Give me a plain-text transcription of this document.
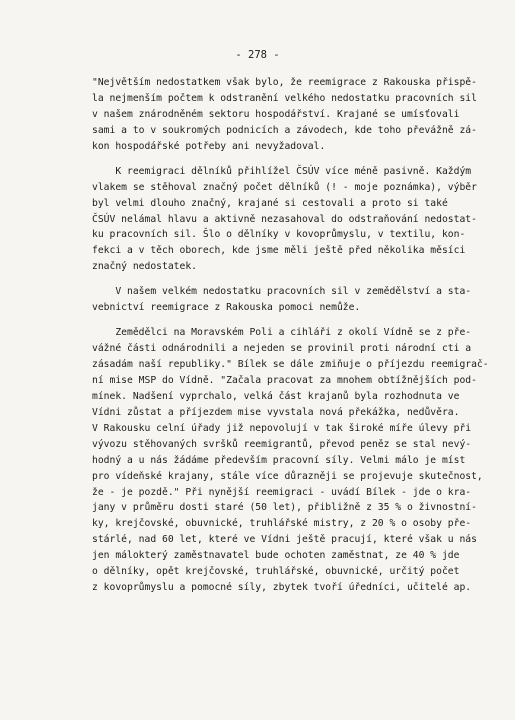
- 278 -
"Největším nedostatkem však bylo, že reemigrace z Rakouska přispě-
la nejmenším počtem k odstranění velkého nedostatku pracovních sil
v našem znárodněném sektoru hospodářství. Krajané se umísťovali
sami a to v soukromých podnicích a závodech, kde toho převážně zá-
kon hospodářské potřeby ani nevyžadoval.
K reemigraci dělníků přihlížel ČSÚV více méně pasivně. Každým
vlakem se stěhoval značný počet dělníků (! - moje poznámka), výběr
byl velmi dlouho značný, krajané si cestovali a proto si také
ČSÚV nelámal hlavu a aktivně nezasahoval do odstraňování nedostat-
ku pracovních sil. Šlo o dělníky v kovoprůmyslu, v textilu, kon-
fekci a v těch oborech, kde jsme měli ještě před několika měsíci
značný nedostatek.
V našem velkém nedostatku pracovních sil v zemědělství a sta-
vebnictví reemigrace z Rakouska pomoci nemůže.
Zemědělci na Moravském Poli a cihláři z okolí Vídně se z pře-
vážné části odnárodnili a nejeden se provinil proti národní cti a
zásadám naší republiky." Bílek se dále zmiňuje o příjezdu reemigrač-
ní mise MSP do Vídně. "Začala pracovat za mnohem obtížnějších pod-
mínek. Nadšení vyprchalo, velká část krajanů byla rozhodnuta ve
Vídni zůstat a příjezdem mise vyvstala nová překážka, nedůvěra.
V Rakousku celní úřady již nepovolují v tak široké míře úlevy při
vývozu stěhovaných svršků reemigrantů, převod peněz se stal nevý-
hodný a u nás žádáme především pracovní síly. Velmi málo je míst
pro vídeňské krajany, stále více důrazněji se projevuje skutečnost,
že - je pozdě." Při nynější reemigraci - uvádí Bílek - jde o kra-
jany v průměru dosti staré (50 let), přibližně z 35 % o živnostní-
ky, krejčovské, obuvnické, truhlářské mistry, z 20 % o osoby pře-
stárlé, nad 60 let, které ve Vídni ještě pracují, které však u nás
jen málokterý zaměstnavatel bude ochoten zaměstnat, ze 40 % jde
o dělníky, opět krejčovské, truhlářské, obuvnické, určitý počet
z kovoprůmyslu a pomocné síly, zbytek tvoří úředníci, učitelé ap.
